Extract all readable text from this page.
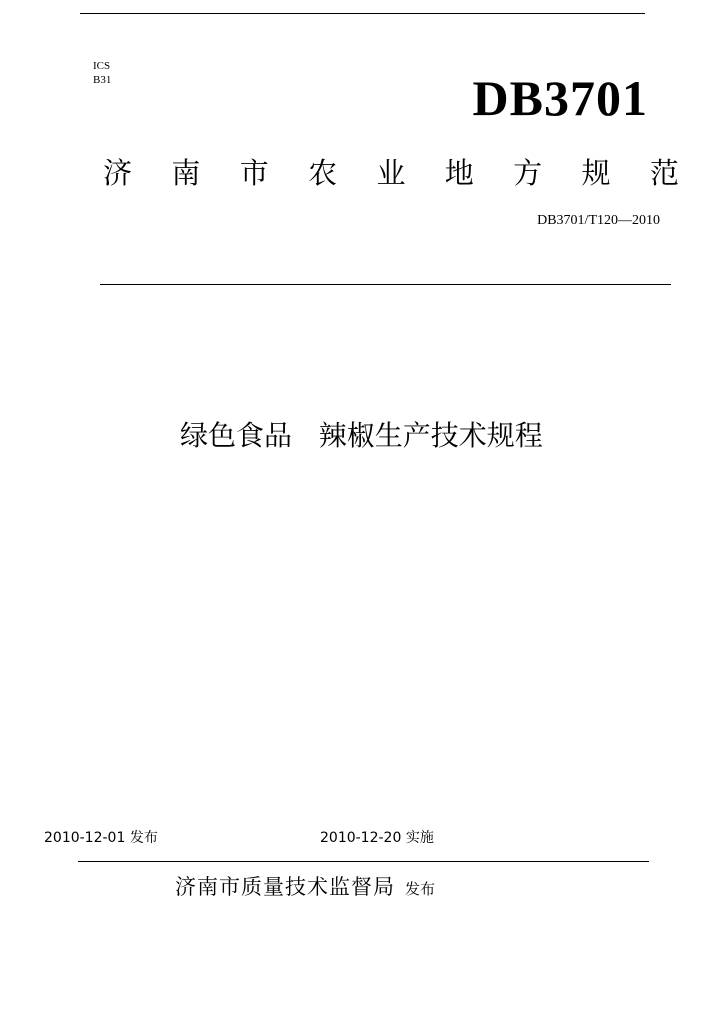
ICS
B31	DB3701
济 南 市 农 业 地 方 规 范
DB3701/T120—2010
绿色食品 辣椒生产技术规程
2010-12-01 发布	2010-12-20 实施
济南市质量技术监督局 发布
